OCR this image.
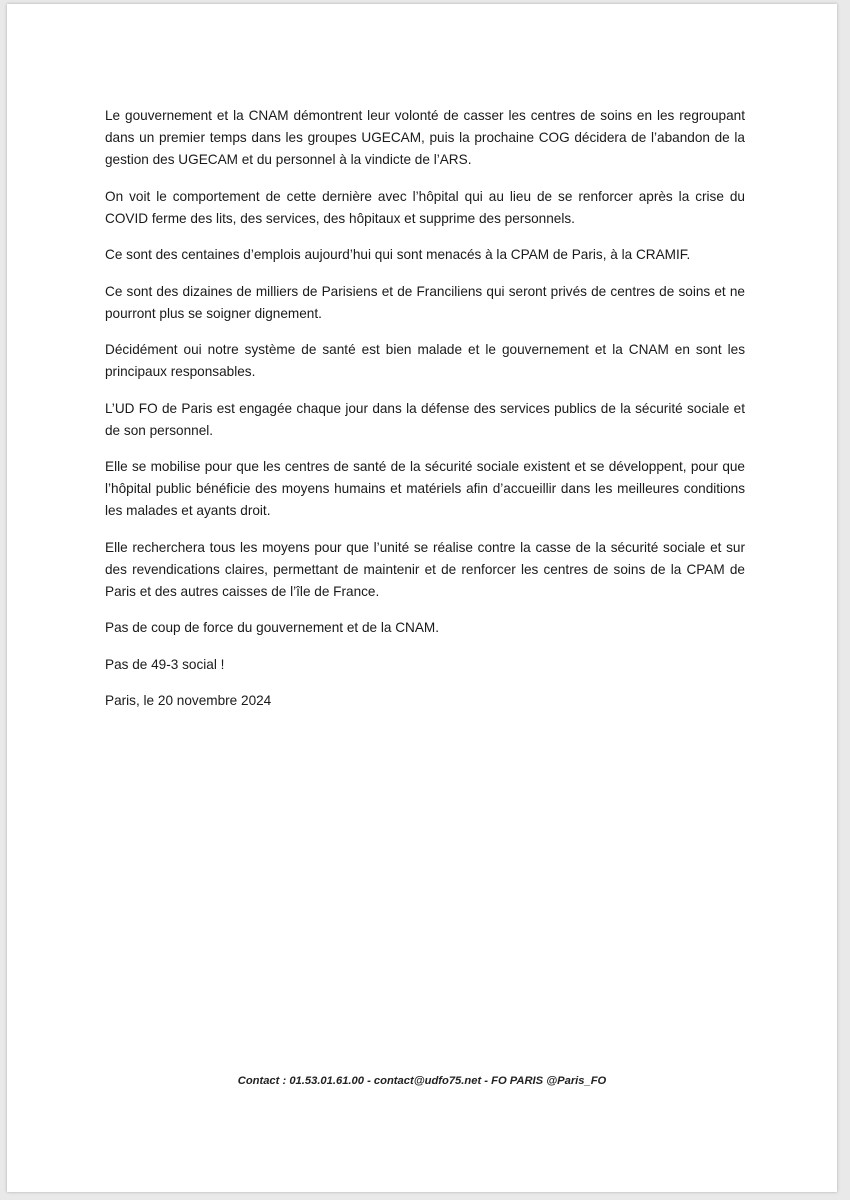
Le gouvernement et la CNAM démontrent leur volonté de casser les centres de soins en les regroupant dans un premier temps dans les groupes UGECAM, puis la prochaine COG décidera de l’abandon de la gestion des UGECAM et du personnel à la vindicte de l’ARS.

On voit le comportement de cette dernière avec l’hôpital qui au lieu de se renforcer après la crise du COVID ferme des lits, des services, des hôpitaux et supprime des personnels.

Ce sont des centaines d’emplois aujourd’hui qui sont menacés à la CPAM de Paris, à la CRAMIF.

Ce sont des dizaines de milliers de Parisiens et de Franciliens qui seront privés de centres de soins et ne pourront plus se soigner dignement.

Décidément oui notre système de santé est bien malade et le gouvernement et la CNAM en sont les principaux responsables.

L’UD FO de Paris est engagée chaque jour dans la défense des services publics de la sécurité sociale et de son personnel.

Elle se mobilise pour que les centres de santé de la sécurité sociale existent et se développent, pour que l’hôpital public bénéficie des moyens humains et matériels afin d’accueillir dans les meilleures conditions les malades et ayants droit.

Elle recherchera tous les moyens pour que l’unité se réalise contre la casse de la sécurité sociale et sur des revendications claires, permettant de maintenir et de renforcer les centres de soins de la CPAM de Paris et des autres caisses de l’île de France.

Pas de coup de force du gouvernement et de la CNAM.

Pas de 49-3 social !

Paris, le 20 novembre 2024

Contact : 01.53.01.61.00 - contact@udfo75.net - FO PARIS @Paris_FO
